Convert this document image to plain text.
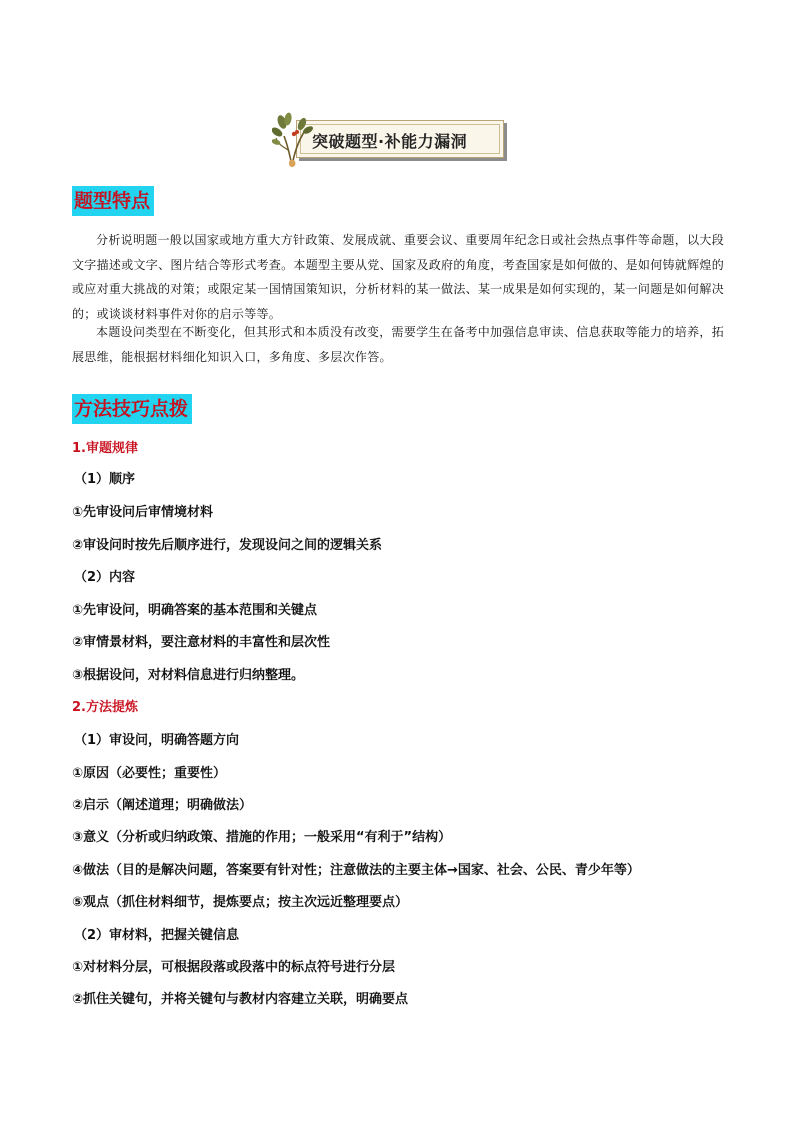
突破题型·补能力漏洞
题型特点
分析说明题一般以国家或地方重大方针政策、发展成就、重要会议、重要周年纪念日或社会热点事件等命题，以大段文字描述或文字、图片结合等形式考查。本题型主要从党、国家及政府的角度，考查国家是如何做的、是如何铸就辉煌的或应对重大挑战的对策；或限定某一国情国策知识，分析材料的某一做法、某一成果是如何实现的，某一问题是如何解决的；或谈谈材料事件对你的启示等等。
本题设问类型在不断变化，但其形式和本质没有改变，需要学生在备考中加强信息审读、信息获取等能力的培养，拓展思维，能根据材料细化知识入口，多角度、多层次作答。
方法技巧点拨
1.审题规律
（1）顺序
①先审设问后审情境材料
②审设问时按先后顺序进行，发现设问之间的逻辑关系
（2）内容
①先审设问，明确答案的基本范围和关键点
②审情景材料，要注意材料的丰富性和层次性
③根据设问，对材料信息进行归纳整理。
2.方法提炼
（1）审设问，明确答题方向
①原因（必要性；重要性）
②启示（阐述道理；明确做法）
③意义（分析或归纳政策、措施的作用；一般采用“有利于”结构）
④做法（目的是解决问题，答案要有针对性；注意做法的主要主体→国家、社会、公民、青少年等）
⑤观点（抓住材料细节，提炼要点；按主次远近整理要点）
（2）审材料，把握关键信息
①对材料分层，可根据段落或段落中的标点符号进行分层
②抓住关键句，并将关键句与教材内容建立关联，明确要点
